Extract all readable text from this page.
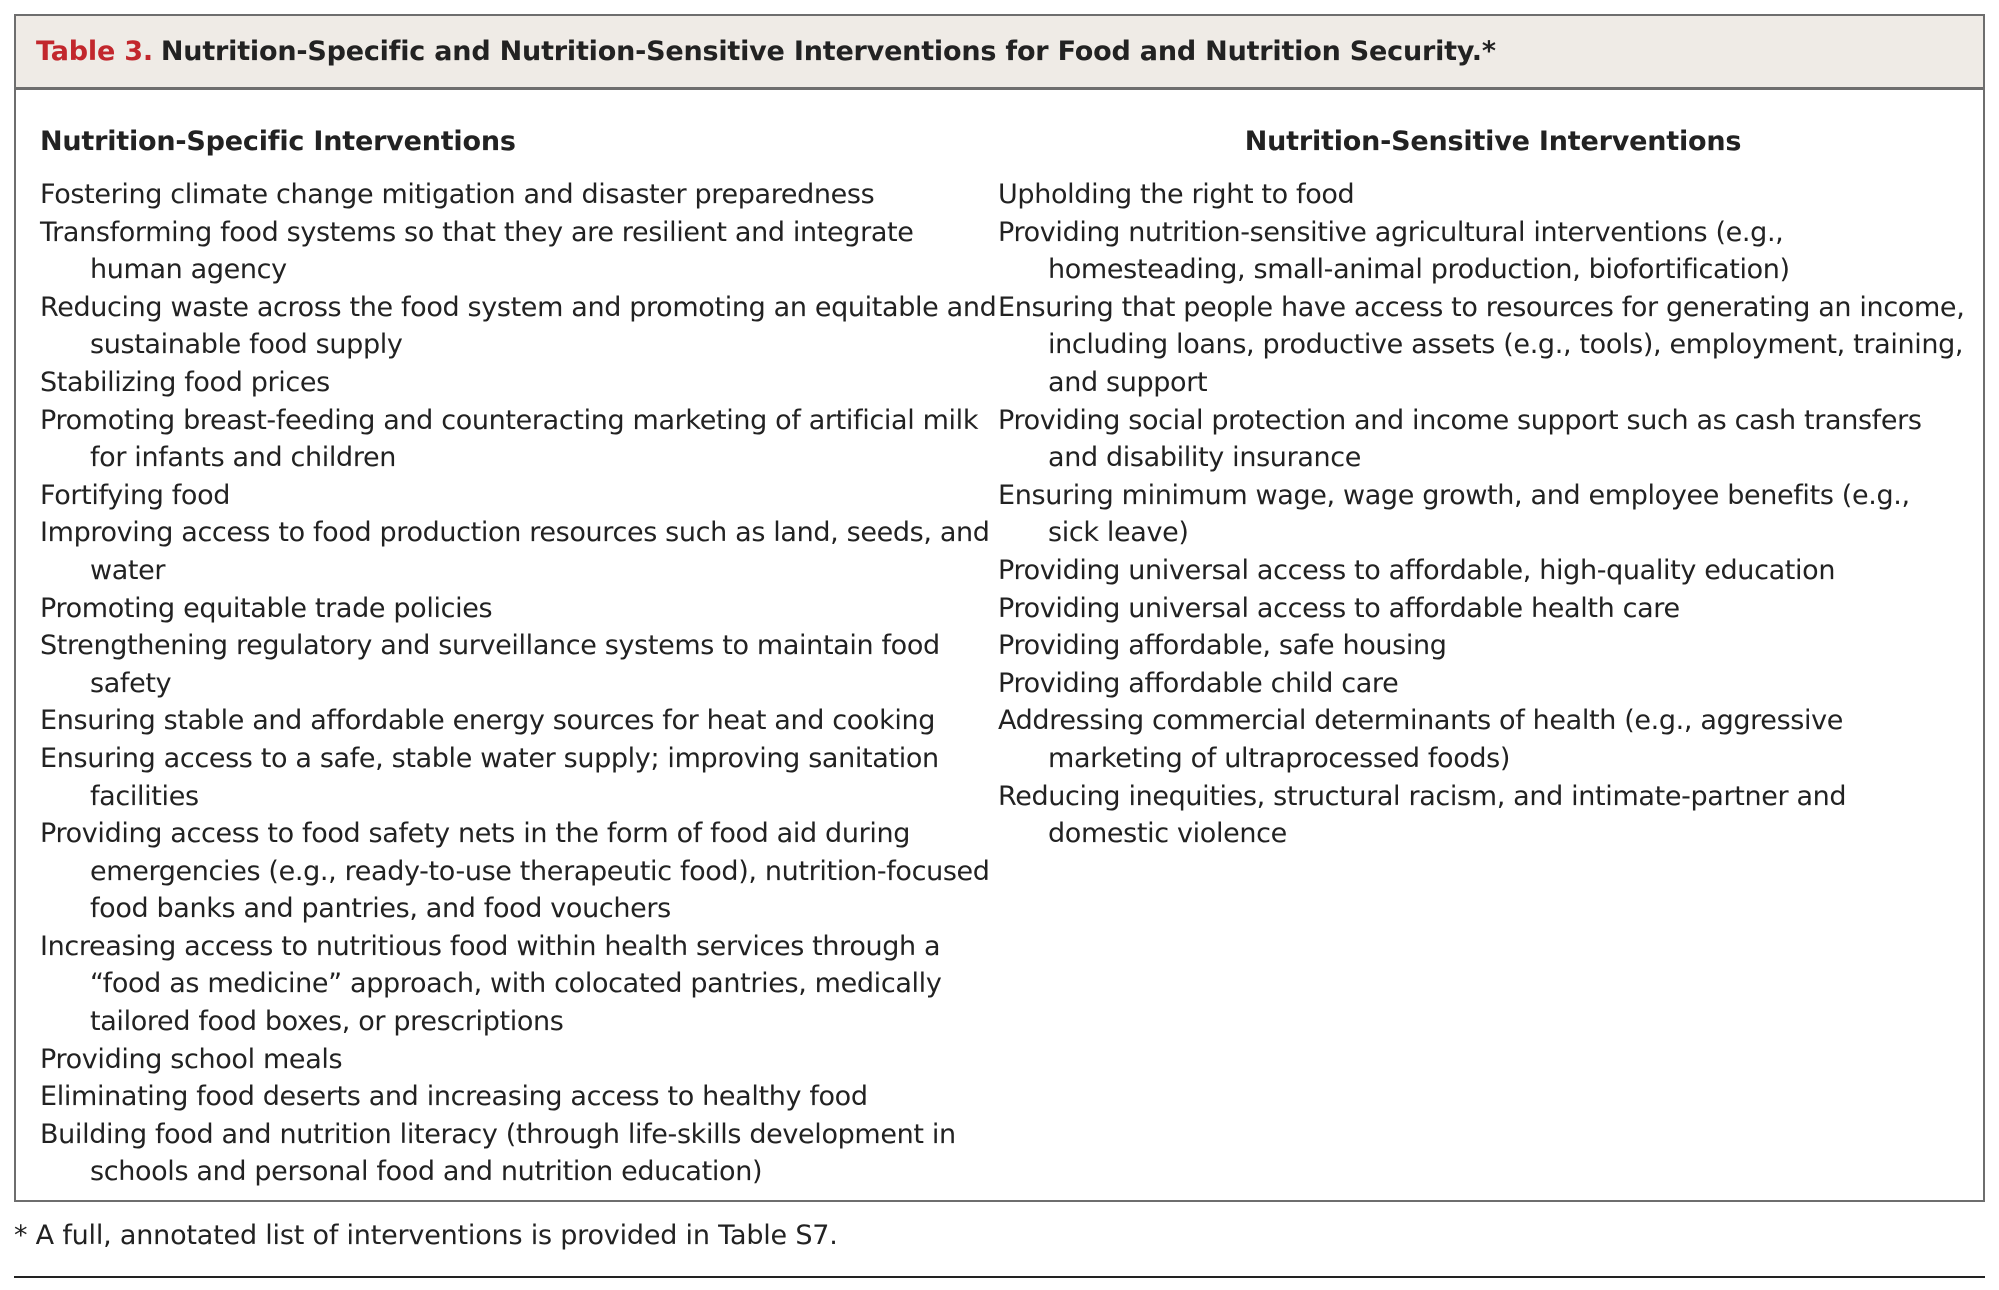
Table 3. Nutrition-Specific and Nutrition-Sensitive Interventions for Food and Nutrition Security.*
Nutrition-Specific Interventions
Fostering climate change mitigation and disaster preparedness
Transforming food systems so that they are resilient and integrate human agency
Reducing waste across the food system and promoting an equitable and sustainable food supply
Stabilizing food prices
Promoting breast-feeding and counteracting marketing of artificial milk for infants and children
Fortifying food
Improving access to food production resources such as land, seeds, and water
Promoting equitable trade policies
Strengthening regulatory and surveillance systems to maintain food safety
Ensuring stable and affordable energy sources for heat and cooking
Ensuring access to a safe, stable water supply; improving sanitation facilities
Providing access to food safety nets in the form of food aid during emergencies (e.g., ready-to-use therapeutic food), nutrition-focused food banks and pantries, and food vouchers
Increasing access to nutritious food within health services through a “food as medicine” approach, with colocated pantries, medically tailored food boxes, or prescriptions
Providing school meals
Eliminating food deserts and increasing access to healthy food
Building food and nutrition literacy (through life-skills development in schools and personal food and nutrition education)
Nutrition-Sensitive Interventions
Upholding the right to food
Providing nutrition-sensitive agricultural interventions (e.g., homesteading, small-animal production, biofortification)
Ensuring that people have access to resources for generating an income, including loans, productive assets (e.g., tools), employment, training, and support
Providing social protection and income support such as cash transfers and disability insurance
Ensuring minimum wage, wage growth, and employee benefits (e.g., sick leave)
Providing universal access to affordable, high-quality education
Providing universal access to affordable health care
Providing affordable, safe housing
Providing affordable child care
Addressing commercial determinants of health (e.g., aggressive marketing of ultraprocessed foods)
Reducing inequities, structural racism, and intimate-partner and domestic violence
* A full, annotated list of interventions is provided in Table S7.
